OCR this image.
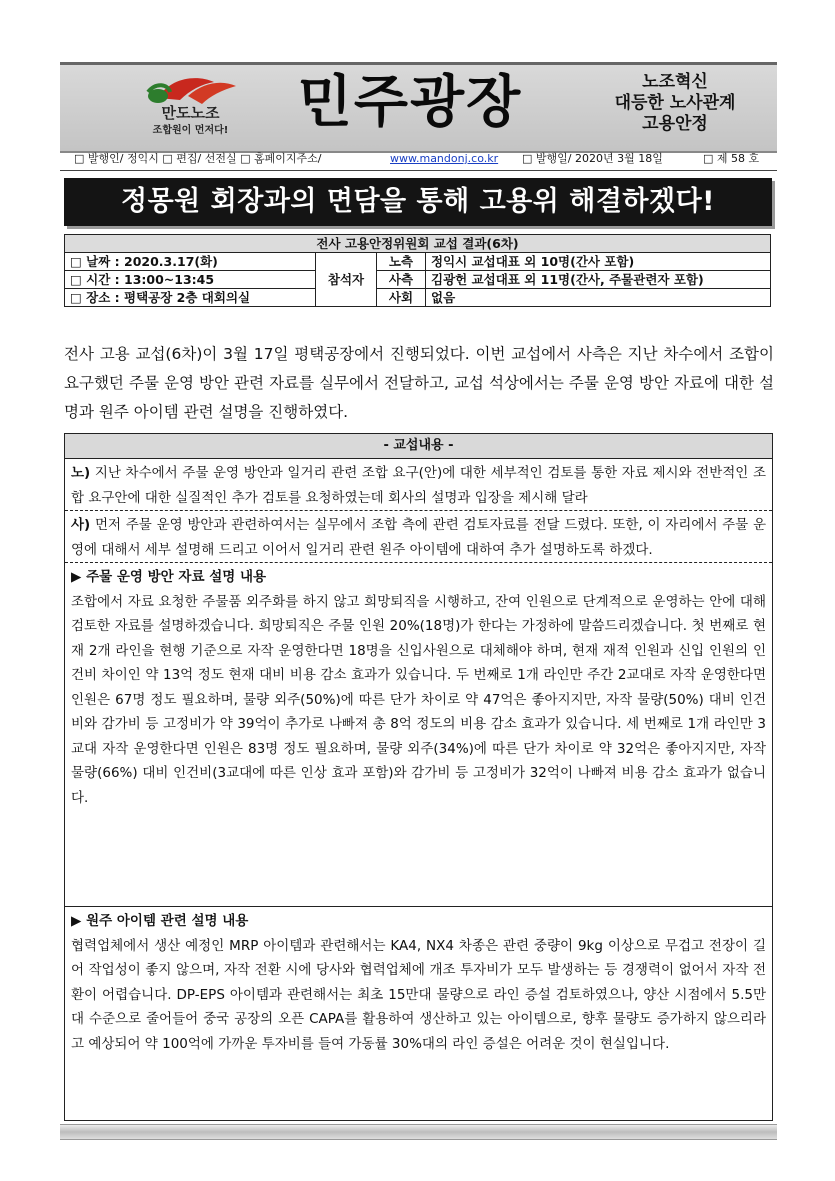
만도노조
조합원이 먼저다!	민주광장	노조혁신
대등한 노사관계
고용안정
□ 발행인/ 정익시 □ 편집/ 선전실 □ 홈페이지주소/	www.mandonj.co.kr □ 발행일/ 2020년 3월 18일	□ 제 58 호
정몽원 회장과의 면담을 통해 고용위 해결하겠다!
전사 고용안정위원회 교섭 결과(6차)			
□ 날짜 : 2020.3.17(화)	참석자	노측	정익시 교섭대표 외 10명(간사 포함)
□ 시간 : 13:00~13:45		사측	김광헌 교섭대표 외 11명(간사, 주물관련자 포함)
□ 장소 : 평택공장 2층 대회의실		사회	없음
전사 고용 교섭(6차)이 3월 17일 평택공장에서 진행되었다. 이번 교섭에서 사측은 지난 차수에서 조합이 요구했던 주물 운영 방안 관련 자료를 실무에서 전달하고, 교섭 석상에서는 주물 운영 방안 자료에 대한 설명과 원주 아이템 관련 설명을 진행하였다.
- 교섭내용 -
노) 지난 차수에서 주물 운영 방안과 일거리 관련 조합 요구(안)에 대한 세부적인 검토를 통한 자료 제시와 전반적인 조합 요구안에 대한 실질적인 추가 검토를 요청하였는데 회사의 설명과 입장을 제시해 달라
사) 먼저 주물 운영 방안과 관련하여서는 실무에서 조합 측에 관련 검토자료를 전달 드렸다. 또한, 이 자리에서 주물 운영에 대해서 세부 설명해 드리고 이어서 일거리 관련 원주 아이템에 대하여 추가 설명하도록 하겠다.
▶ 주물 운영 방안 자료 설명 내용
조합에서 자료 요청한 주물품 외주화를 하지 않고 희망퇴직을 시행하고, 잔여 인원으로 단계적으로 운영하는 안에 대해 검토한 자료를 설명하겠습니다. 희망퇴직은 주물 인원 20%(18명)가 한다는 가정하에 말씀드리겠습니다. 첫 번째로 현재 2개 라인을 현행 기준으로 자작 운영한다면 18명을 신입사원으로 대체해야 하며, 현재 재적 인원과 신입 인원의 인건비 차이인 약 13억 정도 현재 대비 비용 감소 효과가 있습니다. 두 번째로 1개 라인만 주간 2교대로 자작 운영한다면 인원은 67명 정도 필요하며, 물량 외주(50%)에 따른 단가 차이로 약 47억은 좋아지지만, 자작 물량(50%) 대비 인건비와 감가비 등 고정비가 약 39억이 추가로 나빠져 총 8억 정도의 비용 감소 효과가 있습니다. 세 번째로 1개 라인만 3교대 자작 운영한다면 인원은 83명 정도 필요하며, 물량 외주(34%)에 따른 단가 차이로 약 32억은 좋아지지만, 자작 물량(66%) 대비 인건비(3교대에 따른 인상 효과 포함)와 감가비 등 고정비가 32억이 나빠져 비용 감소 효과가 없습니다.
▶ 원주 아이템 관련 설명 내용
협력업체에서 생산 예정인 MRP 아이템과 관련해서는 KA4, NX4 차종은 관련 중량이 9kg 이상으로 무겁고 전장이 길어 작업성이 좋지 않으며, 자작 전환 시에 당사와 협력업체에 개조 투자비가 모두 발생하는 등 경쟁력이 없어서 자작 전환이 어렵습니다. DP-EPS 아이템과 관련해서는 최초 15만대 물량으로 라인 증설 검토하였으나, 양산 시점에서 5.5만대 수준으로 줄어들어 중국 공장의 오픈 CAPA를 활용하여 생산하고 있는 아이템으로, 향후 물량도 증가하지 않으리라고 예상되어 약 100억에 가까운 투자비를 들여 가동률 30%대의 라인 증설은 어려운 것이 현실입니다.
